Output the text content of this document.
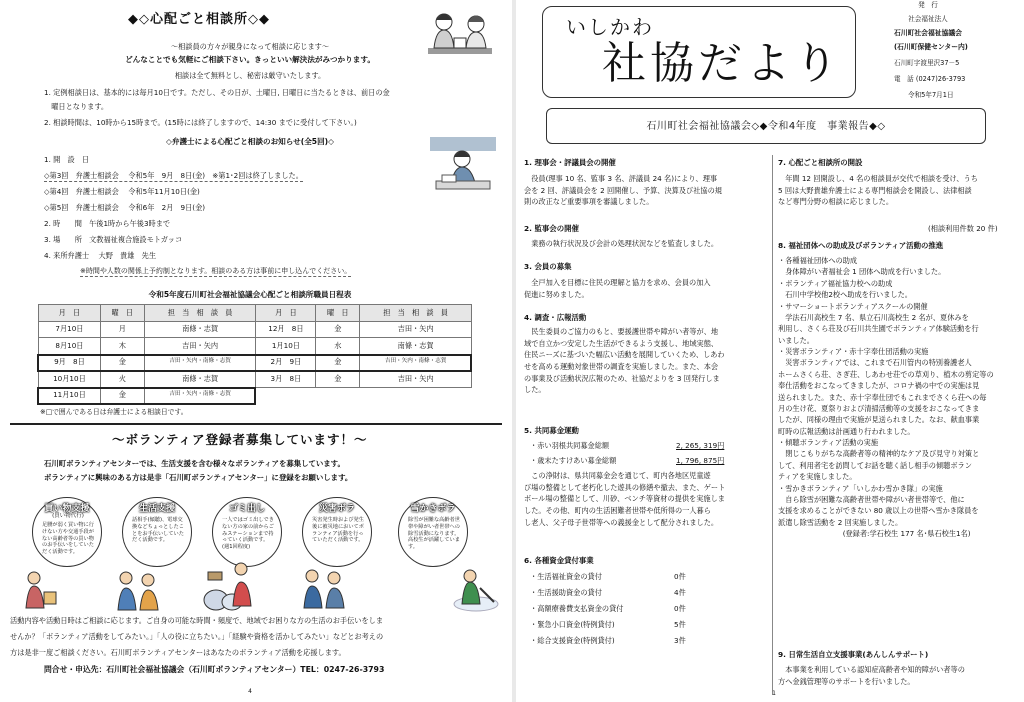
◆◇心配ごと相談所◇◆
〜相談員の方々が親身になって相談に応じます〜
どんなことでも気軽にご相談下さい。きっといい解決法がみつかります。
相談は全て無料とし、秘密は厳守いたします。
1. 定例相談日は、基本的には毎月10日です。ただし、その日が、土曜日, 日曜日に当たるときは、前日の金
　曜日となります。
2. 相談時間は、10時から15時まで。(15時には終了しますので、14:30 までに受付して下さい。)
◇弁護士による心配ごと相談のお知らせ(全5回)◇
1. 開　設　日
◇第3回　弁護士相談会　 令和5年　9月　8日(金)　※第1･2回は終了しました。
◇第4回　弁護士相談会　 令和5年11月10日(金)
◇第5回　弁護士相談会　 令和6年　2月　9日(金)
2. 時　　間　午後1時から午後3時まで
3. 場　　所　文教福祉複合施設モトガッコ
4. 来所弁護士　 大野　貴雄　先生
※時間や人数の関係上予約制となります。相談のある方は事前に申し込んでください。
令和5年度石川町社会福祉協議会心配ごと相談所職員日程表
月　日	曜　日	担　当　相　談　員	月　日	曜　日	担　当　相　談　員
7月10日	月	南條・志賀	12月　8日	金	吉田・矢内
8月10日	木	吉田・矢内	1月10日	水	南條・志賀
9月　8日	金	吉田・矢内・南條・志賀	2月　9日	金	吉田・矢内・南條・志賀
10月10日	火	南條・志賀	3月　8日	金	吉田・矢内
11月10日	金	吉田・矢内・南條・志賀			
※□で囲んである日は弁護士による相談日です。
〜ボランティア登録者募集しています！〜
石川町ボランティアセンターでは、生活支援を含む様々なボランティアを募集しています。
ボランティアに興味のある方は是非「石川町ボランティアセンター」に登録をお願いします。
買い物支援
(買い物代行)
足腰が弱く買い物に行けない方や交通手段がない高齢者等の買い物のお手伝いをしていただく活動です。
生活支援
話相手(傾聴)、電球交換などちょっとしたことをお手伝いしていただく活動です。
ゴミ出し
一人ではゴミ出しできない方の家の前からごみステーションまで持っていく活動です。(週1回程度)
災害ボラ
災害発生時および発生後に被災地においてボランティア活動を行っていただく活動です。
雪かきボラ
除雪が困難な高齢者世帯や障がい者世帯への除雪活動になります。高校生が活躍しています。
活動内容や活動日時はご相談に応じます。ご自身の可能な時間・頻度で、地域でお困りな方の生活のお手伝いをしま
せんか？「ボランティア活動をしてみたい。」「人の役に立ちたい。」「経験や資格を活かしてみたい」などとお考えの
方は是非一度ご相談ください。石川町ボランティアセンターはあなたのボランティア活動を応援します。
問合せ・申込先：石川町社会福祉協議会（石川町ボランティアセンター）TEL：0247-26-3793
4
いしかわ
社協だより
発　行
社会福祉法人
石川町社会福祉協議会
(石川町保健センター内)
石川町字渡里沢37－5
電　話 (0247)26-3793
令和5年7月1日
石川町社会福祉協議会◇◆令和4年度　事業報告◆◇
1. 理事会・評議員会の開催
　役員(理事 10 名、監事 3 名、評議員 24 名)により、理事
会を 2 回、評議員会を 2 回開催し、予算、決算及び社協の規
則の改正など重要事項を審議しました。
2. 監事会の開催
　業務の執行状況及び会計の処理状況などを監査しました。
3. 会員の募集
　全戸加入を目標に住民の理解と協力を求め、会員の加入
促進に努めました。
4. 調査・広報活動
　民生委員のご協力のもと、要援護世帯や障がい者等が、地
域で自立かつ安定した生活ができるよう支援し、地域実態、
住民ニーズに基づいた幅広い活動を展開していくため、しあわ
せを高める運動対象世帯の調査を実施しました。また、本会
の事業及び活動状況広報のため、社協だよりを 3 回発行しま
した。
5. 共同募金運動
・赤い羽根共同募金総額	2, 265, 319円
・歳末たすけあい募金総額	1, 796, 875円
　この浄財は、県共同募金会を通じて、町内各地区児童遊
び場の整備として老朽化した遊具の修繕や撤去、また、ゲート
ボール場の整備として、川砂、ベンチ等資材の提供を実施しま
した。その他、町内の生活困難者世帯や低所得の一人暮ら
し老人、父子母子世帯等への義援金として配分されました。
6. 各種資金貸付事業
・生活福祉資金の貸付	0件
・生活援助資金の貸付	4件
・高額療養費支払資金の貸付	0件
・緊急小口資金(特例貸付)	5件
・総合支援資金(特例貸付)	3件
7. 心配ごと相談所の開設
　年間 12 回開設し、4 名の相談員が交代で相談を受け、うち
5 回は大野貴雄弁護士による専門相談会を開設し、法律相談
など専門分野の相談に応じました。
(相談利用件数 20 件)
8. 福祉団体への助成及びボランティア活動の推進
・各種福祉団体への助成
　身体障がい者福祉会 1 団体へ助成を行いました。
・ボランティア福祉協力校への助成
　石川中学校他2校へ助成を行いました。
・サマーショートボランティアスクールの開催
　学法石川高校生 7 名、県立石川高校生 2 名が、夏休みを
利用し、さくら荘及び石川共生園でボランティア体験活動を行
いました。
・災害ボランティア・赤十字奉仕団活動の実施
　災害ボランティアでは、これまで石川管内の特別養護老人
ホームさくら荘、さぎ荘、しあわせ荘での草刈り、植木の剪定等の
奉仕活動をおこなってきましたが、コロナ禍の中での実施は見
送られました。また、赤十字奉仕団でもこれまでさくら荘への毎
月の生け花、夏祭りおよび清掃活動等の支援をおこなってきま
したが、同様の理由で実施が見送られました。なお、献血事業
町時の広報活動は計画通り行われました。
・傾聴ボランティア活動の実施
　閉じこもりがちな高齢者等の精神的なケア及び見守り対策と
して、利用者宅を訪問してお話を聴く話し相手の傾聴ボラン
ティアを実施しました。
・雪かきボランティア「いしかわ雪かき隊」の実施
　自ら除雪が困難な高齢者世帯や障がい者世帯等で、他に
支援を求めることができない 80 歳以上の世帯へ雪かき隊員を
派遣し除雪活動を 2 回実施しました。
　　　　　　　　　(登録者:学石校生 177 名･県石校生1名)
9. 日常生活自立支援事業(あんしんサポート)
　本事業を利用している認知症高齢者や知的障がい者等の
方へ金銭管理等のサポートを行いました。
1
